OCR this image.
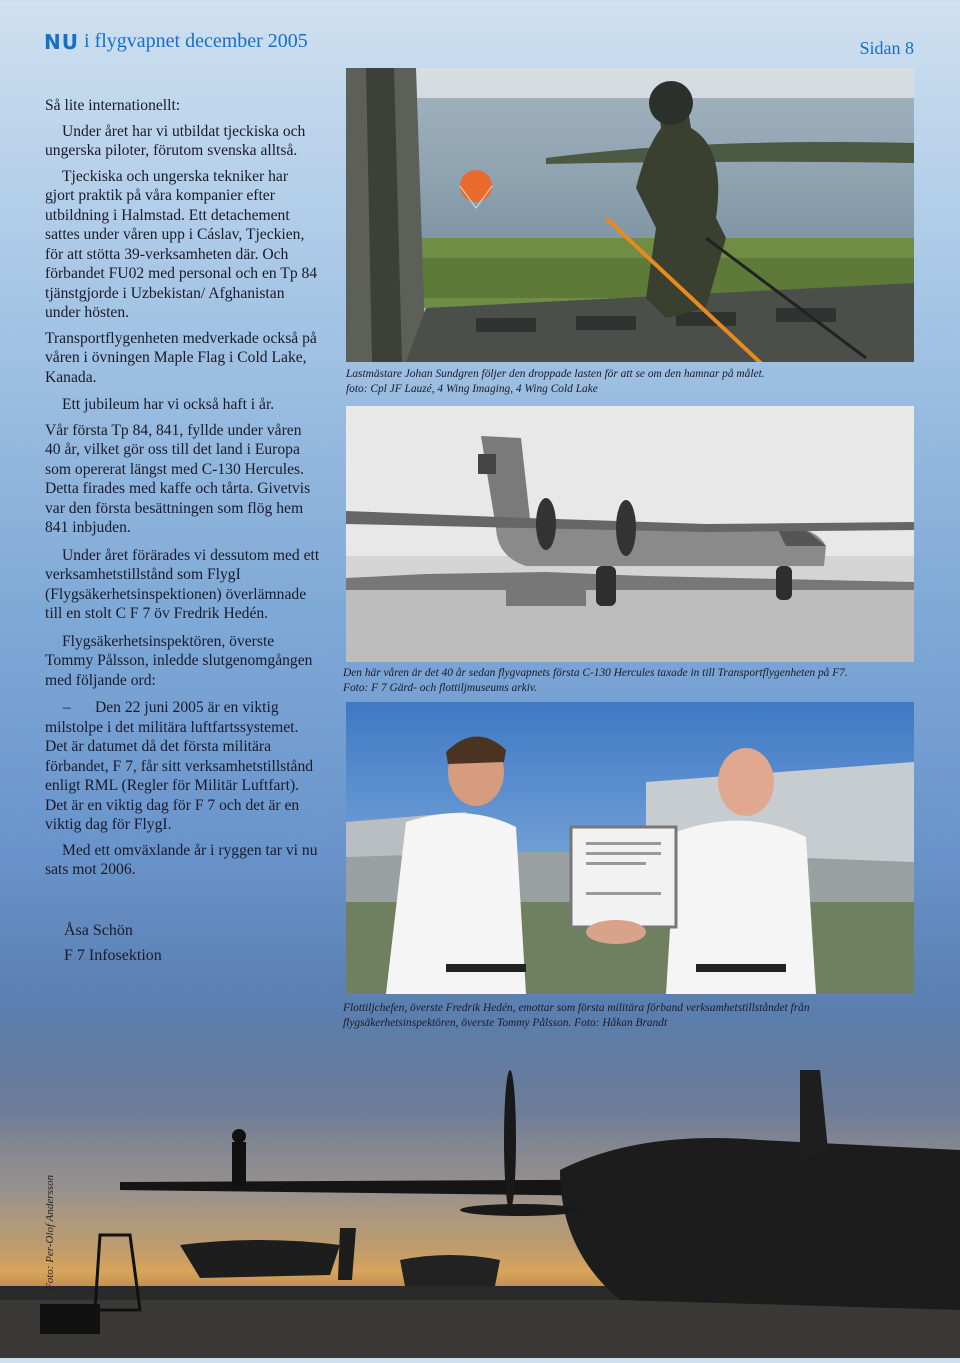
NU i flygvapnet december 2005	Sidan 8

Så lite internationellt:

Under året har vi utbildat tjeckiska och ungerska piloter, förutom svenska alltså.

Tjeckiska och ungerska tekniker har gjort praktik på våra kompanier efter utbildning i Halmstad. Ett detachement sattes under våren upp i Cáslav, Tjeckien, för att stötta 39-verksamheten där. Och förbandet FU02 med personal och en Tp 84 tjänstgjorde i Uzbekistan/ Afghanistan under hösten.

Transportflygenheten medverkade också på våren i övningen Maple Flag i Cold Lake, Kanada.

Ett jubileum har vi också haft i år.

Vår första Tp 84, 841, fyllde under våren 40 år, vilket gör oss till det land i Europa som opererat längst med C-130 Hercules. Detta firades med kaffe och tårta. Givetvis var den första besättningen som flög hem 841 inbjuden.

Under året förärades vi dessutom med ett verksamhetstillstånd som FlygI (Flygsäkerhetsinspektionen) överlämnade till en stolt C F 7 öv Fredrik Hedén.

Flygsäkerhetsinspektören, överste Tommy Pålsson, inledde slutgenomgången med följande ord:

– Den 22 juni 2005 är en viktig milstolpe i det militära luftfartssystemet. Det är datumet då det första militära förbandet, F 7, får sitt verksamhetstillstånd enligt RML (Regler för Militär Luftfart). Det är en viktig dag för F 7 och det är en viktig dag för FlygI.

Med ett omväxlande år i ryggen tar vi nu sats mot 2006.

Åsa Schön
F 7 Infosektion
Lastmästare Johan Sundgren följer den droppade lasten för att se om den hamnar på målet.
foto: Cpl JF Lauzé, 4 Wing Imaging, 4 Wing Cold Lake
Den här våren är det 40 år sedan flygvapnets första C-130 Hercules taxade in till Transportflygenheten på F7.
Foto: F 7 Gärd- och flottiljmuseums arkiv.
Flottiljchefen, överste Fredrik Hedén, emottar som första militära förband verksamhetstillståndet från
flygsäkerhetsinspektören, överste Tommy Pålsson. Foto: Håkan Brandt
Foto: Per-Olof Andersson
